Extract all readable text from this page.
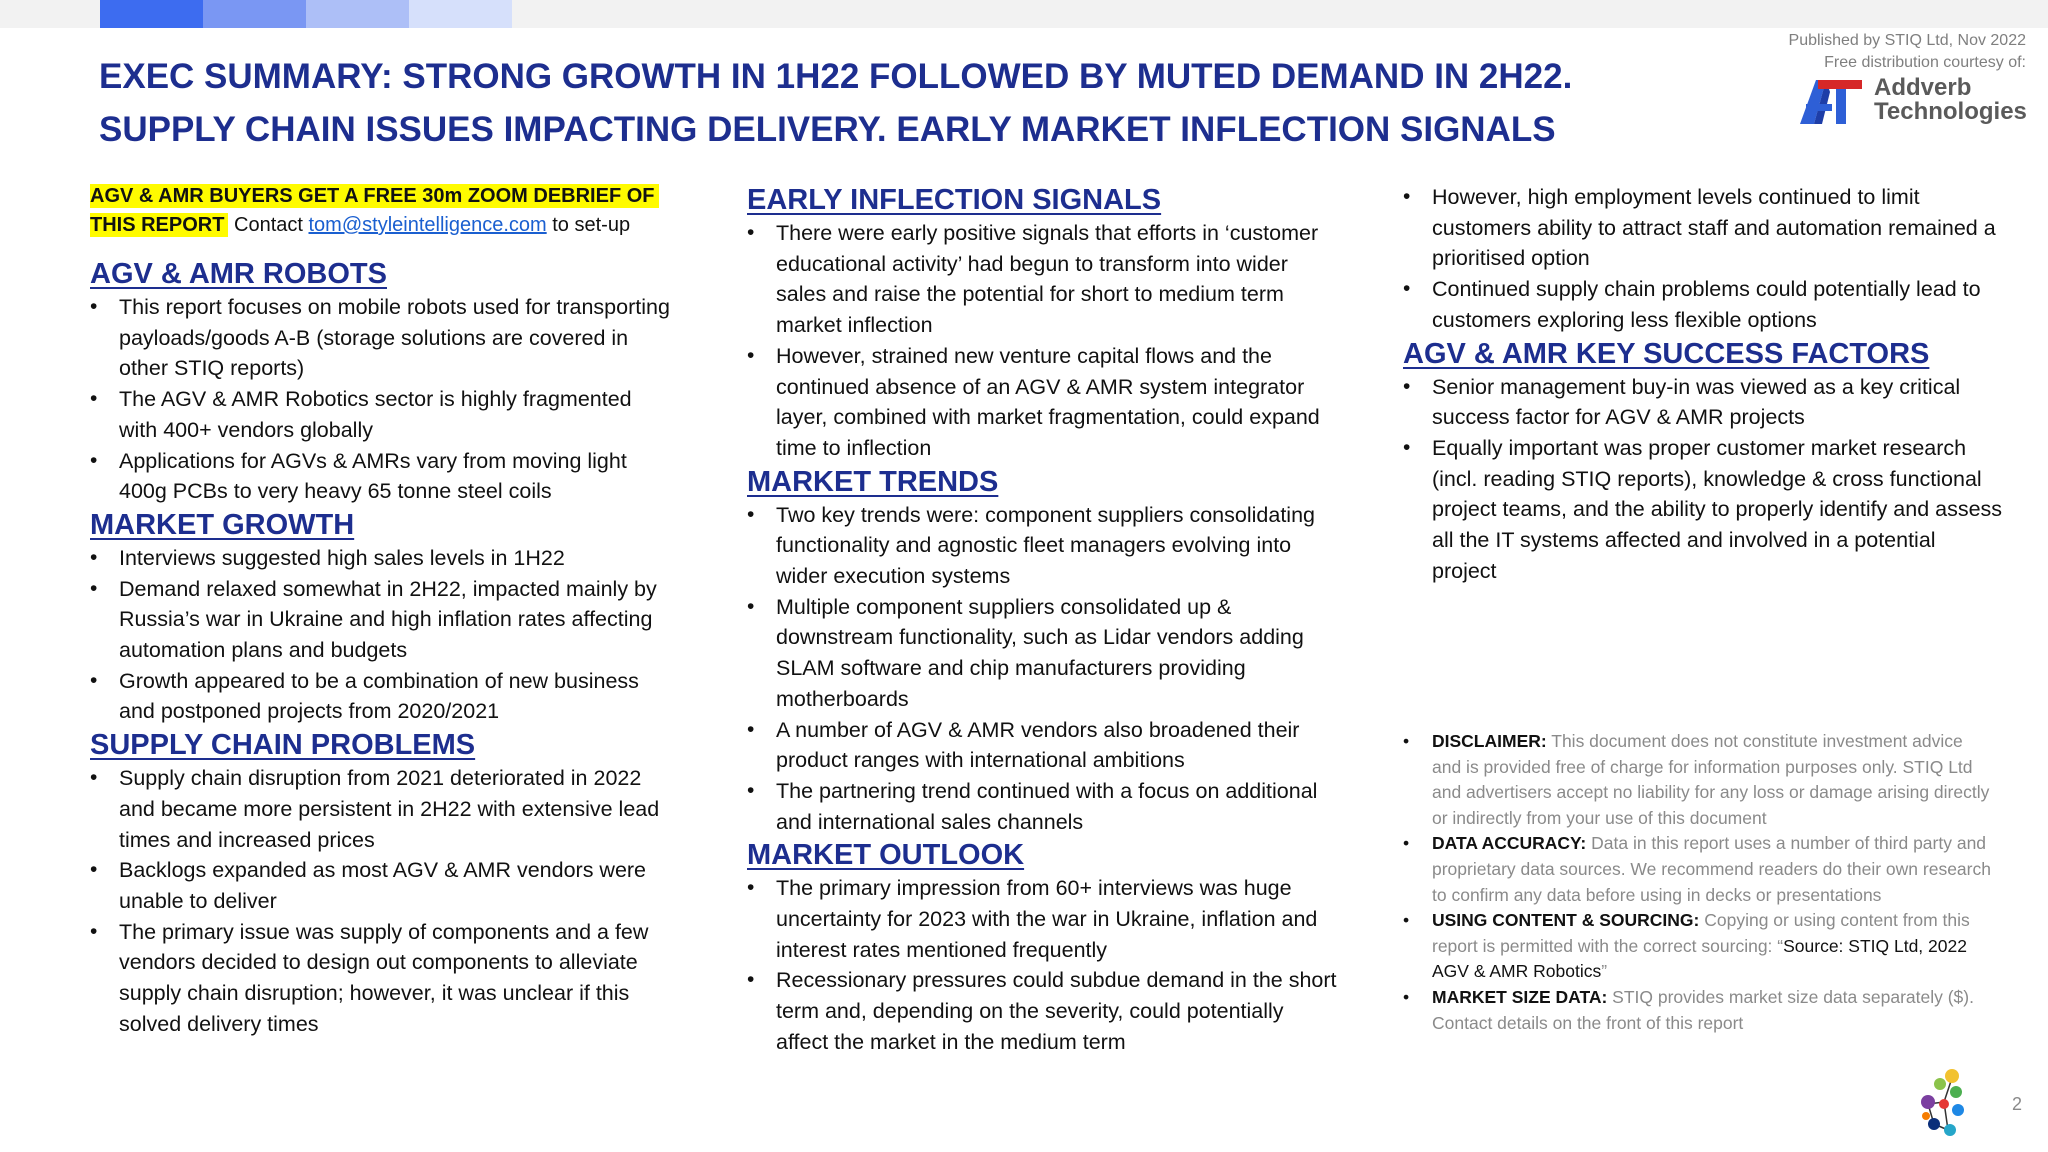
EXEC SUMMARY: STRONG GROWTH IN 1H22 FOLLOWED BY MUTED DEMAND IN 2H22.
SUPPLY CHAIN ISSUES IMPACTING DELIVERY. EARLY MARKET INFLECTION SIGNALS
Published by STIQ Ltd, Nov 2022
Free distribution courtesy of:
Addverb
Technologies

AGV & AMR BUYERS GET A FREE 30m ZOOM DEBRIEF OF
THIS REPORT Contact tom@styleintelligence.com to set-up

AGV & AMR ROBOTS
• This report focuses on mobile robots used for transporting payloads/goods A-B (storage solutions are covered in other STIQ reports)
• The AGV & AMR Robotics sector is highly fragmented with 400+ vendors globally
• Applications for AGVs & AMRs vary from moving light 400g PCBs to very heavy 65 tonne steel coils
MARKET GROWTH
• Interviews suggested high sales levels in 1H22
• Demand relaxed somewhat in 2H22, impacted mainly by Russia’s war in Ukraine and high inflation rates affecting automation plans and budgets
• Growth appeared to be a combination of new business and postponed projects from 2020/2021
SUPPLY CHAIN PROBLEMS
• Supply chain disruption from 2021 deteriorated in 2022 and became more persistent in 2H22 with extensive lead times and increased prices
• Backlogs expanded as most AGV & AMR vendors were unable to deliver
• The primary issue was supply of components and a few vendors decided to design out components to alleviate supply chain disruption; however, it was unclear if this solved delivery times
EARLY INFLECTION SIGNALS
• There were early positive signals that efforts in ‘customer educational activity’ had begun to transform into wider sales and raise the potential for short to medium term market inflection
• However, strained new venture capital flows and the continued absence of an AGV & AMR system integrator layer, combined with market fragmentation, could expand time to inflection
MARKET TRENDS
• Two key trends were: component suppliers consolidating functionality and agnostic fleet managers evolving into wider execution systems
• Multiple component suppliers consolidated up & downstream functionality, such as Lidar vendors adding SLAM software and chip manufacturers providing motherboards
• A number of AGV & AMR vendors also broadened their product ranges with international ambitions
• The partnering trend continued with a focus on additional and international sales channels
MARKET OUTLOOK
• The primary impression from 60+ interviews was huge uncertainty for 2023 with the war in Ukraine, inflation and interest rates mentioned frequently
• Recessionary pressures could subdue demand in the short term and, depending on the severity, could potentially affect the market in the medium term
• However, high employment levels continued to limit customers ability to attract staff and automation remained a prioritised option
• Continued supply chain problems could potentially lead to customers exploring less flexible options
AGV & AMR KEY SUCCESS FACTORS
• Senior management buy-in was viewed as a key critical success factor for AGV & AMR projects
• Equally important was proper customer market research (incl. reading STIQ reports), knowledge & cross functional project teams, and the ability to properly identify and assess all the IT systems affected and involved in a potential project
• DISCLAIMER: This document does not constitute investment advice and is provided free of charge for information purposes only. STIQ Ltd and advertisers accept no liability for any loss or damage arising directly or indirectly from your use of this document
• DATA ACCURACY: Data in this report uses a number of third party and proprietary data sources. We recommend readers do their own research to confirm any data before using in decks or presentations
• USING CONTENT & SOURCING: Copying or using content from this report is permitted with the correct sourcing: “Source: STIQ Ltd, 2022 AGV & AMR Robotics”
• MARKET SIZE DATA: STIQ provides market size data separately ($). Contact details on the front of this report
2
